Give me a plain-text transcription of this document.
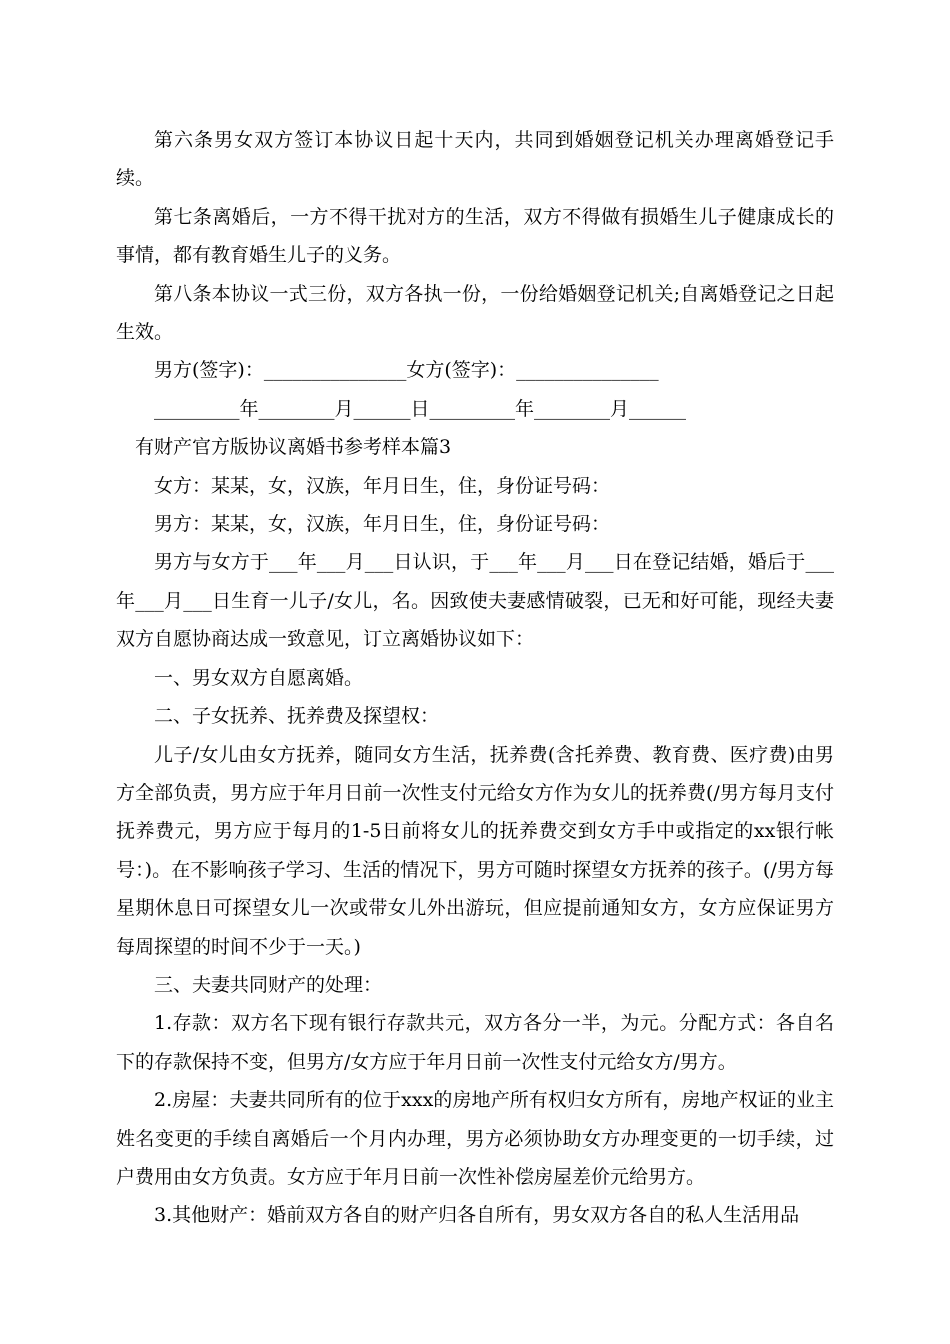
第六条男女双方签订本协议日起十天内，共同到婚姻登记机关办理离婚登记手续。

第七条离婚后，一方不得干扰对方的生活，双方不得做有损婚生儿子健康成长的事情，都有教育婚生儿子的义务。

第八条本协议一式三份，双方各执一份，一份给婚姻登记机关;自离婚登记之日起生效。

男方(签字)：_______________女方(签字)：_______________

_________年________月______日_________年________月______

有财产官方版协议离婚书参考样本篇3

女方：某某，女，汉族，年月日生，住，身份证号码：

男方：某某，女，汉族，年月日生，住，身份证号码：

男方与女方于___年___月___日认识，于___年___月___日在登记结婚，婚后于___年___月___日生育一儿子/女儿，名。因致使夫妻感情破裂，已无和好可能，现经夫妻双方自愿协商达成一致意见，订立离婚协议如下：

一、男女双方自愿离婚。

二、子女抚养、抚养费及探望权：

儿子/女儿由女方抚养，随同女方生活，抚养费(含托养费、教育费、医疗费)由男方全部负责，男方应于年月日前一次性支付元给女方作为女儿的抚养费(/男方每月支付抚养费元，男方应于每月的1-5日前将女儿的抚养费交到女方手中或指定的xx银行帐号：)。在不影响孩子学习、生活的情况下，男方可随时探望女方抚养的孩子。(/男方每星期休息日可探望女儿一次或带女儿外出游玩，但应提前通知女方，女方应保证男方每周探望的时间不少于一天。)

三、夫妻共同财产的处理：

1.存款：双方名下现有银行存款共元，双方各分一半，为元。分配方式：各自名下的存款保持不变，但男方/女方应于年月日前一次性支付元给女方/男方。

2.房屋：夫妻共同所有的位于xxx的房地产所有权归女方所有，房地产权证的业主姓名变更的手续自离婚后一个月内办理，男方必须协助女方办理变更的一切手续，过户费用由女方负责。女方应于年月日前一次性补偿房屋差价元给男方。

3.其他财产：婚前双方各自的财产归各自所有，男女双方各自的私人生活用品
